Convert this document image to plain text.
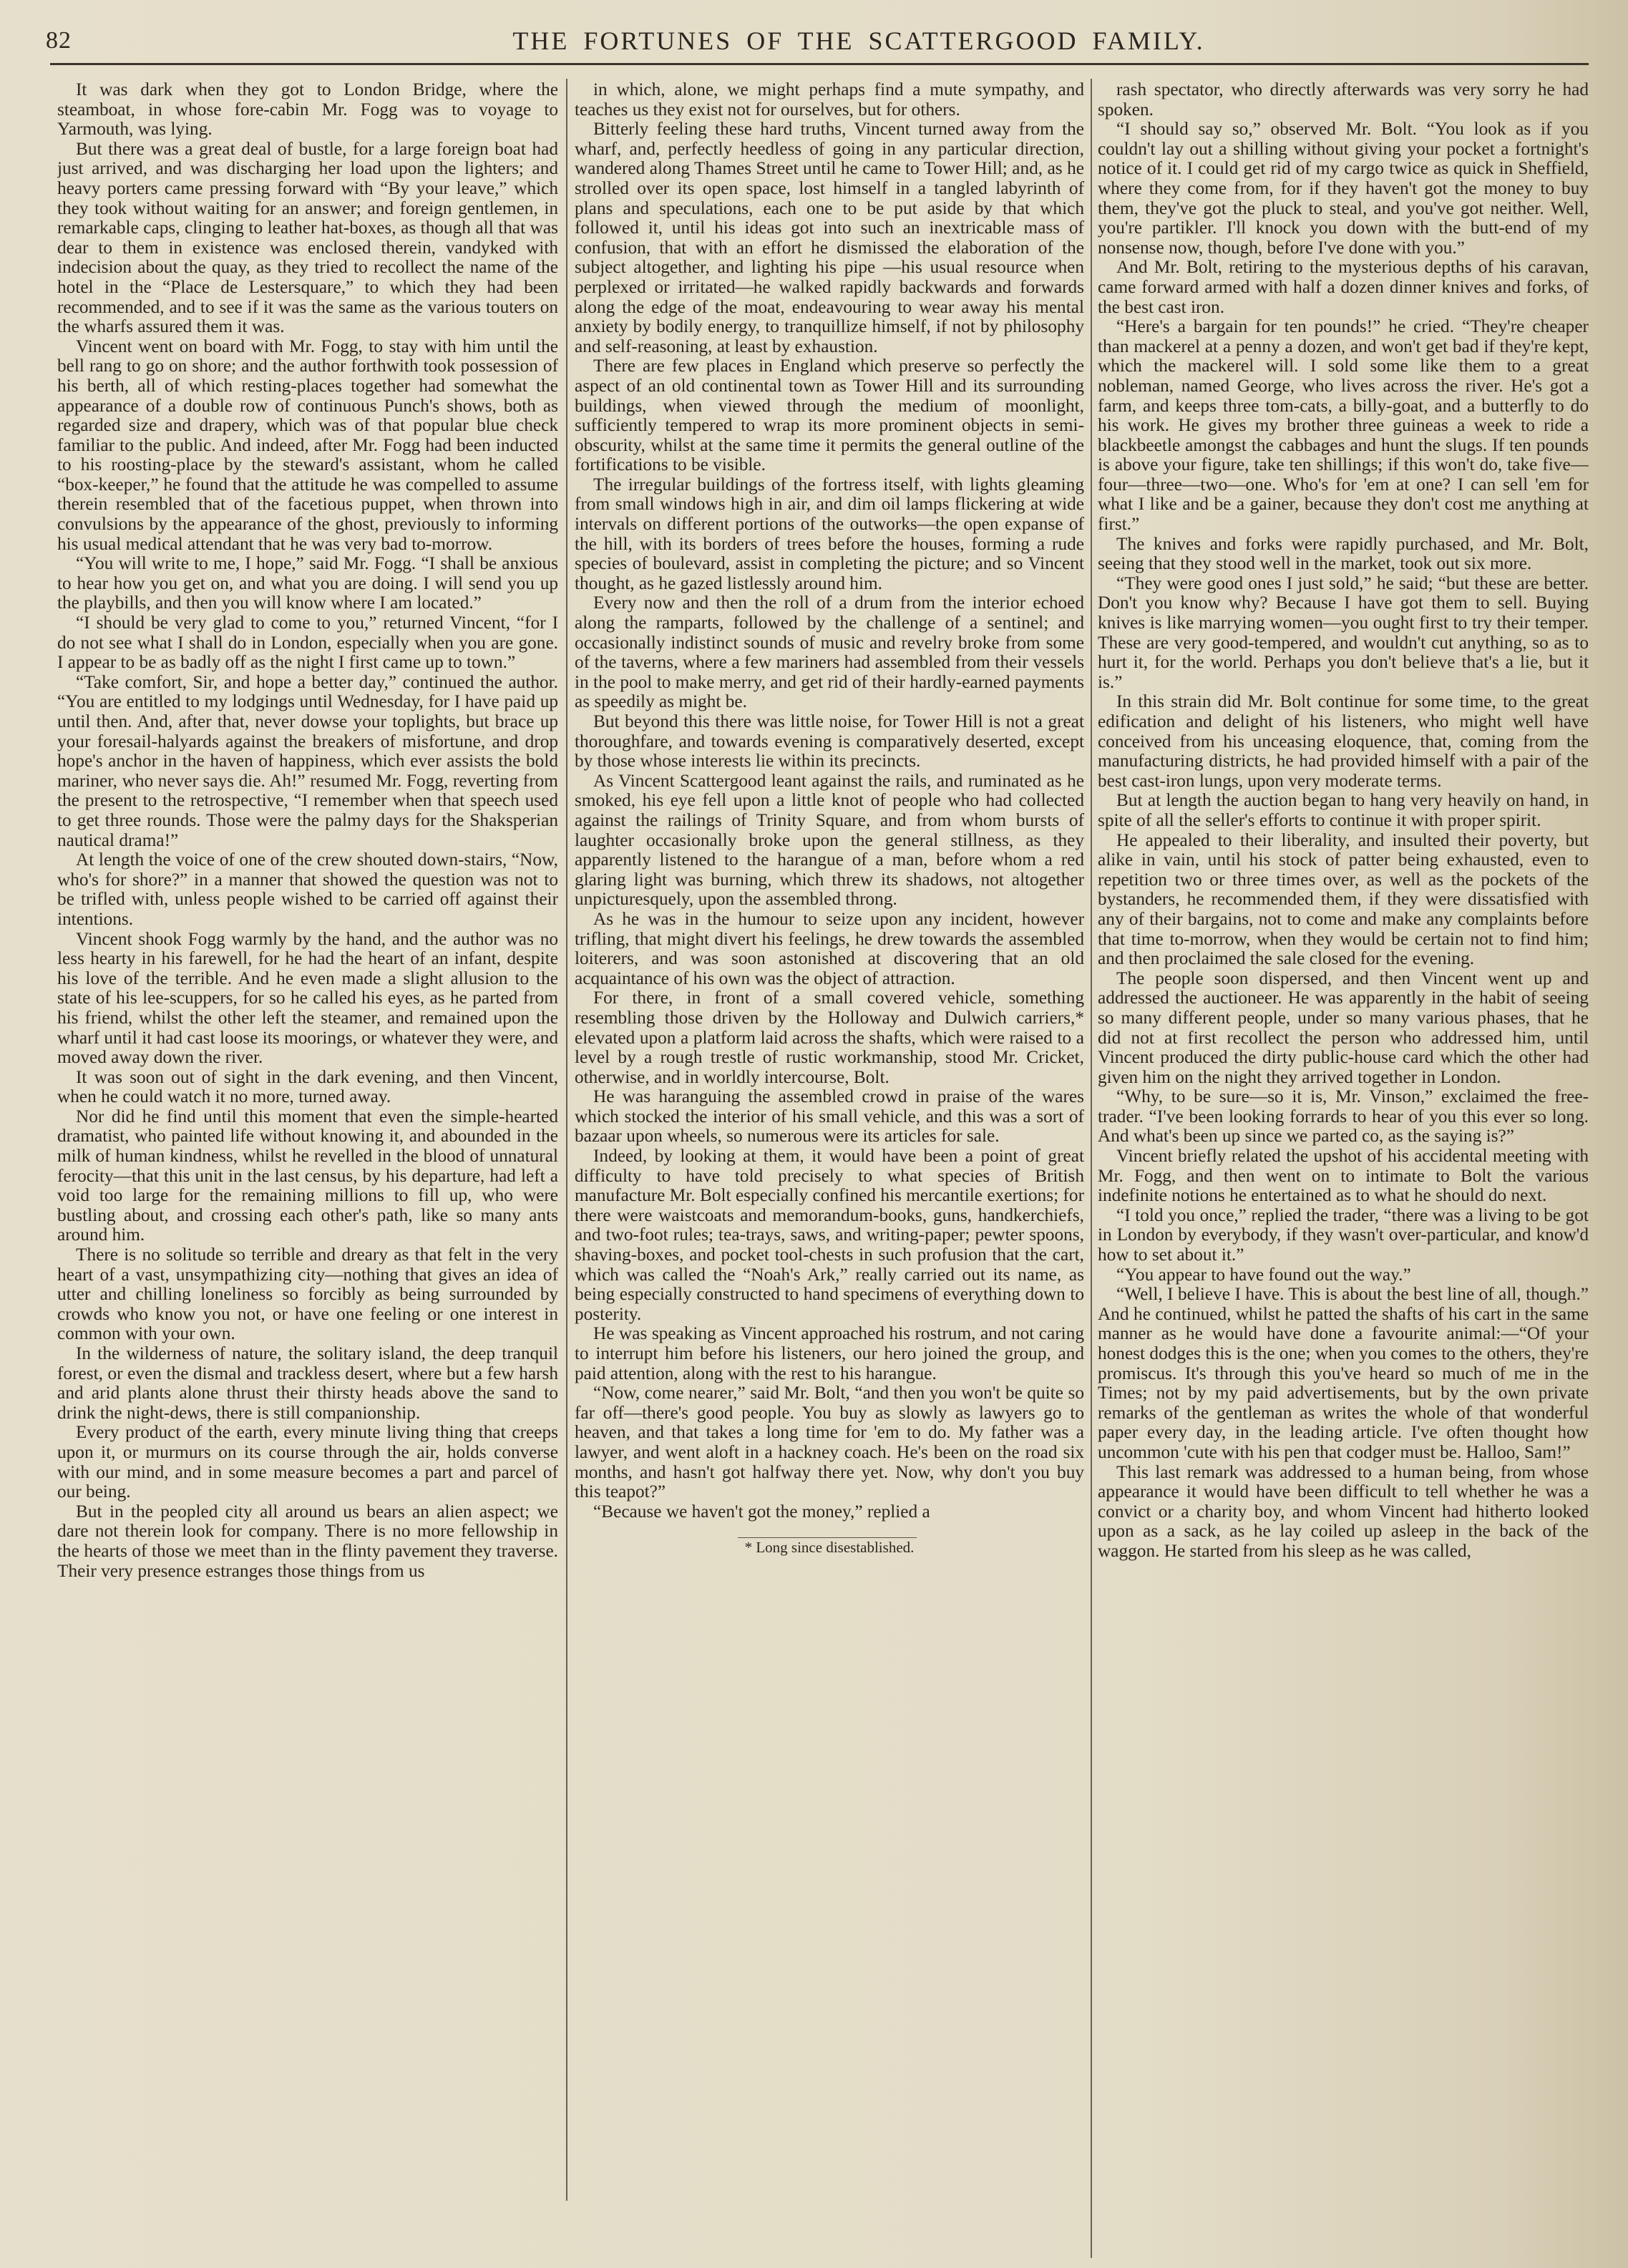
82	THE FORTUNES OF THE SCATTERGOOD FAMILY.

It was dark when they got to London Bridge, where the steamboat, in whose fore-cabin Mr. Fogg was to voyage to Yarmouth, was lying.

But there was a great deal of bustle, for a large foreign boat had just arrived, and was discharging her load upon the lighters; and heavy porters came pressing forward with “By your leave,” which they took without waiting for an answer; and foreign gentlemen, in remarkable caps, clinging to leather hat-boxes, as though all that was dear to them in existence was enclosed therein, vandyked with indecision about the quay, as they tried to recollect the name of the hotel in the “Place de Lestersquare,” to which they had been recommended, and to see if it was the same as the various touters on the wharfs assured them it was.

Vincent went on board with Mr. Fogg, to stay with him until the bell rang to go on shore; and the author forthwith took possession of his berth, all of which resting-places together had somewhat the appearance of a double row of continuous Punch's shows, both as regarded size and drapery, which was of that popular blue check familiar to the public. And indeed, after Mr. Fogg had been inducted to his roosting-place by the steward's assistant, whom he called “box-keeper,” he found that the attitude he was compelled to assume therein resembled that of the facetious puppet, when thrown into convulsions by the appearance of the ghost, previously to informing his usual medical attendant that he was very bad to-morrow.

“You will write to me, I hope,” said Mr. Fogg. “I shall be anxious to hear how you get on, and what you are doing. I will send you up the playbills, and then you will know where I am located.”

“I should be very glad to come to you,” returned Vincent, “for I do not see what I shall do in London, especially when you are gone. I appear to be as badly off as the night I first came up to town.”

“Take comfort, Sir, and hope a better day,” continued the author. “You are entitled to my lodgings until Wednesday, for I have paid up until then. And, after that, never dowse your toplights, but brace up your foresail-halyards against the breakers of misfortune, and drop hope's anchor in the haven of happiness, which ever assists the bold mariner, who never says die. Ah!” resumed Mr. Fogg, reverting from the present to the retrospective, “I remember when that speech used to get three rounds. Those were the palmy days for the Shaksperian nautical drama!”

At length the voice of one of the crew shouted down-stairs, “Now, who's for shore?” in a manner that showed the question was not to be trifled with, unless people wished to be carried off against their intentions.

Vincent shook Fogg warmly by the hand, and the author was no less hearty in his farewell, for he had the heart of an infant, despite his love of the terrible. And he even made a slight allusion to the state of his lee-scuppers, for so he called his eyes, as he parted from his friend, whilst the other left the steamer, and remained upon the wharf until it had cast loose its moorings, or whatever they were, and moved away down the river.

It was soon out of sight in the dark evening, and then Vincent, when he could watch it no more, turned away.

Nor did he find until this moment that even the simple-hearted dramatist, who painted life without knowing it, and abounded in the milk of human kindness, whilst he revelled in the blood of unnatural ferocity—that this unit in the last census, by his departure, had left a void too large for the remaining millions to fill up, who were bustling about, and crossing each other's path, like so many ants around him.

There is no solitude so terrible and dreary as that felt in the very heart of a vast, unsympathizing city—nothing that gives an idea of utter and chilling loneliness so forcibly as being surrounded by crowds who know you not, or have one feeling or one interest in common with your own.

In the wilderness of nature, the solitary island, the deep tranquil forest, or even the dismal and trackless desert, where but a few harsh and arid plants alone thrust their thirsty heads above the sand to drink the night-dews, there is still companionship.

Every product of the earth, every minute living thing that creeps upon it, or murmurs on its course through the air, holds converse with our mind, and in some measure becomes a part and parcel of our being.

But in the peopled city all around us bears an alien aspect; we dare not therein look for company. There is no more fellowship in the hearts of those we meet than in the flinty pavement they traverse. Their very presence estranges those things from us

in which, alone, we might perhaps find a mute sympathy, and teaches us they exist not for ourselves, but for others.

Bitterly feeling these hard truths, Vincent turned away from the wharf, and, perfectly heedless of going in any particular direction, wandered along Thames Street until he came to Tower Hill; and, as he strolled over its open space, lost himself in a tangled labyrinth of plans and speculations, each one to be put aside by that which followed it, until his ideas got into such an inextricable mass of confusion, that with an effort he dismissed the elaboration of the subject altogether, and lighting his pipe —his usual resource when perplexed or irritated—he walked rapidly backwards and forwards along the edge of the moat, endeavouring to wear away his mental anxiety by bodily energy, to tranquillize himself, if not by philosophy and self-reasoning, at least by exhaustion.

There are few places in England which preserve so perfectly the aspect of an old continental town as Tower Hill and its surrounding buildings, when viewed through the medium of moonlight, sufficiently tempered to wrap its more prominent objects in semi-obscurity, whilst at the same time it permits the general outline of the fortifications to be visible.

The irregular buildings of the fortress itself, with lights gleaming from small windows high in air, and dim oil lamps flickering at wide intervals on different portions of the outworks—the open expanse of the hill, with its borders of trees before the houses, forming a rude species of boulevard, assist in completing the picture; and so Vincent thought, as he gazed listlessly around him.

Every now and then the roll of a drum from the interior echoed along the ramparts, followed by the challenge of a sentinel; and occasionally indistinct sounds of music and revelry broke from some of the taverns, where a few mariners had assembled from their vessels in the pool to make merry, and get rid of their hardly-earned payments as speedily as might be.

But beyond this there was little noise, for Tower Hill is not a great thoroughfare, and towards evening is comparatively deserted, except by those whose interests lie within its precincts.

As Vincent Scattergood leant against the rails, and ruminated as he smoked, his eye fell upon a little knot of people who had collected against the railings of Trinity Square, and from whom bursts of laughter occasionally broke upon the general stillness, as they apparently listened to the harangue of a man, before whom a red glaring light was burning, which threw its shadows, not altogether unpicturesquely, upon the assembled throng.

As he was in the humour to seize upon any incident, however trifling, that might divert his feelings, he drew towards the assembled loiterers, and was soon astonished at discovering that an old acquaintance of his own was the object of attraction.

For there, in front of a small covered vehicle, something resembling those driven by the Holloway and Dulwich carriers,* elevated upon a platform laid across the shafts, which were raised to a level by a rough trestle of rustic workmanship, stood Mr. Cricket, otherwise, and in worldly intercourse, Bolt.

He was haranguing the assembled crowd in praise of the wares which stocked the interior of his small vehicle, and this was a sort of bazaar upon wheels, so numerous were its articles for sale.

Indeed, by looking at them, it would have been a point of great difficulty to have told precisely to what species of British manufacture Mr. Bolt especially confined his mercantile exertions; for there were waistcoats and memorandum-books, guns, handkerchiefs, and two-foot rules; tea-trays, saws, and writing-paper; pewter spoons, shaving-boxes, and pocket tool-chests in such profusion that the cart, which was called the “Noah's Ark,” really carried out its name, as being especially constructed to hand specimens of everything down to posterity.

He was speaking as Vincent approached his rostrum, and not caring to interrupt him before his listeners, our hero joined the group, and paid attention, along with the rest to his harangue.

“Now, come nearer,” said Mr. Bolt, “and then you won't be quite so far off—there's good people. You buy as slowly as lawyers go to heaven, and that takes a long time for 'em to do. My father was a lawyer, and went aloft in a hackney coach. He's been on the road six months, and hasn't got halfway there yet. Now, why don't you buy this teapot?”

“Because we haven't got the money,” replied a

* Long since disestablished.

rash spectator, who directly afterwards was very sorry he had spoken.

“I should say so,” observed Mr. Bolt. “You look as if you couldn't lay out a shilling without giving your pocket a fortnight's notice of it. I could get rid of my cargo twice as quick in Sheffield, where they come from, for if they haven't got the money to buy them, they've got the pluck to steal, and you've got neither. Well, you're partikler. I'll knock you down with the butt-end of my nonsense now, though, before I've done with you.”

And Mr. Bolt, retiring to the mysterious depths of his caravan, came forward armed with half a dozen dinner knives and forks, of the best cast iron.

“Here's a bargain for ten pounds!” he cried. “They're cheaper than mackerel at a penny a dozen, and won't get bad if they're kept, which the mackerel will. I sold some like them to a great nobleman, named George, who lives across the river. He's got a farm, and keeps three tom-cats, a billy-goat, and a butterfly to do his work. He gives my brother three guineas a week to ride a blackbeetle amongst the cabbages and hunt the slugs. If ten pounds is above your figure, take ten shillings; if this won't do, take five—four—three—two—one. Who's for 'em at one? I can sell 'em for what I like and be a gainer, because they don't cost me anything at first.”

The knives and forks were rapidly purchased, and Mr. Bolt, seeing that they stood well in the market, took out six more.

“They were good ones I just sold,” he said; “but these are better. Don't you know why? Because I have got them to sell. Buying knives is like marrying women—you ought first to try their temper. These are very good-tempered, and wouldn't cut anything, so as to hurt it, for the world. Perhaps you don't believe that's a lie, but it is.”

In this strain did Mr. Bolt continue for some time, to the great edification and delight of his listeners, who might well have conceived from his unceasing eloquence, that, coming from the manufacturing districts, he had provided himself with a pair of the best cast-iron lungs, upon very moderate terms.

But at length the auction began to hang very heavily on hand, in spite of all the seller's efforts to continue it with proper spirit.

He appealed to their liberality, and insulted their poverty, but alike in vain, until his stock of patter being exhausted, even to repetition two or three times over, as well as the pockets of the bystanders, he recommended them, if they were dissatisfied with any of their bargains, not to come and make any complaints before that time to-morrow, when they would be certain not to find him; and then proclaimed the sale closed for the evening.

The people soon dispersed, and then Vincent went up and addressed the auctioneer. He was apparently in the habit of seeing so many different people, under so many various phases, that he did not at first recollect the person who addressed him, until Vincent produced the dirty public-house card which the other had given him on the night they arrived together in London.

“Why, to be sure—so it is, Mr. Vinson,” exclaimed the free-trader. “I've been looking forrards to hear of you this ever so long. And what's been up since we parted co, as the saying is?”

Vincent briefly related the upshot of his accidental meeting with Mr. Fogg, and then went on to intimate to Bolt the various indefinite notions he entertained as to what he should do next.

“I told you once,” replied the trader, “there was a living to be got in London by everybody, if they wasn't over-particular, and know'd how to set about it.”

“You appear to have found out the way.”

“Well, I believe I have. This is about the best line of all, though.” And he continued, whilst he patted the shafts of his cart in the same manner as he would have done a favourite animal:—“Of your honest dodges this is the one; when you comes to the others, they're promiscus. It's through this you've heard so much of me in the Times; not by my paid advertisements, but by the own private remarks of the gentleman as writes the whole of that wonderful paper every day, in the leading article. I've often thought how uncommon 'cute with his pen that codger must be. Halloo, Sam!”

This last remark was addressed to a human being, from whose appearance it would have been difficult to tell whether he was a convict or a charity boy, and whom Vincent had hitherto looked upon as a sack, as he lay coiled up asleep in the back of the waggon. He started from his sleep as he was called,
